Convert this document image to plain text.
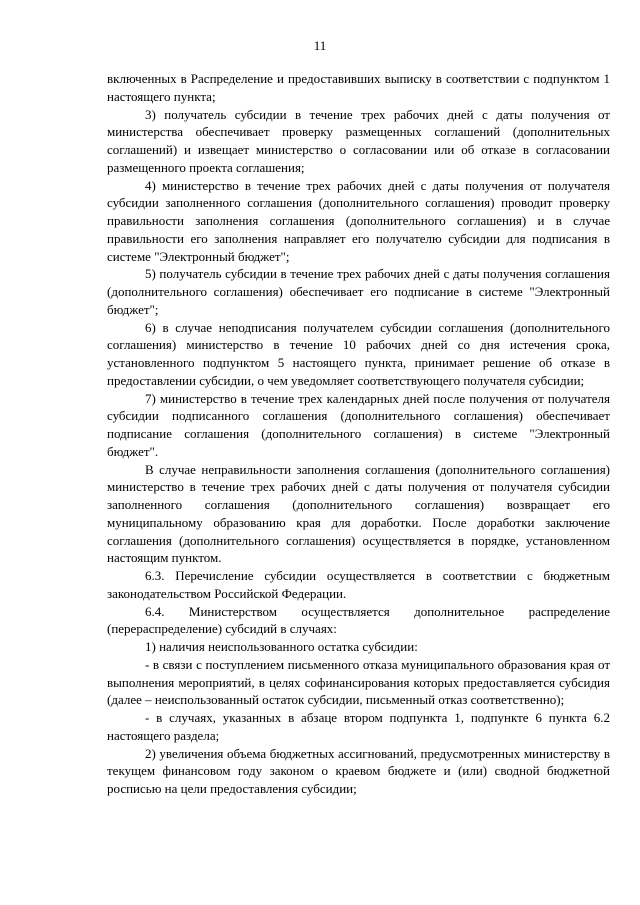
11

включенных в Распределение и предоставивших выписку в соответствии с подпунктом 1 настоящего пункта;

3) получатель субсидии в течение трех рабочих дней с даты получения от министерства обеспечивает проверку размещенных соглашений (дополнительных соглашений) и извещает министерство о согласовании или об отказе в согласовании размещенного проекта соглашения;

4) министерство в течение трех рабочих дней с даты получения от получателя субсидии заполненного соглашения (дополнительного соглашения) проводит проверку правильности заполнения соглашения (дополнительного соглашения) и в случае правильности его заполнения направляет его получателю субсидии для подписания в системе "Электронный бюджет";

5) получатель субсидии в течение трех рабочих дней с даты получения соглашения (дополнительного соглашения) обеспечивает его подписание в системе "Электронный бюджет";

6) в случае неподписания получателем субсидии соглашения (дополнительного соглашения) министерство в течение 10 рабочих дней со дня истечения срока, установленного подпунктом 5 настоящего пункта, принимает решение об отказе в предоставлении субсидии, о чем уведомляет соответствующего получателя субсидии;

7) министерство в течение трех календарных дней после получения от получателя субсидии подписанного соглашения (дополнительного соглашения) обеспечивает подписание соглашения (дополнительного соглашения) в системе "Электронный бюджет".

В случае неправильности заполнения соглашения (дополнительного соглашения) министерство в течение трех рабочих дней с даты получения от получателя субсидии заполненного соглашения (дополнительного соглашения) возвращает его муниципальному образованию края для доработки. После доработки заключение соглашения (дополнительного соглашения) осуществляется в порядке, установленном настоящим пунктом.

6.3. Перечисление субсидии осуществляется в соответствии с бюджетным законодательством Российской Федерации.

6.4. Министерством осуществляется дополнительное распределение (перераспределение) субсидий в случаях:

1) наличия неиспользованного остатка субсидии:

- в связи с поступлением письменного отказа муниципального образования края от выполнения мероприятий, в целях софинансирования которых предоставляется субсидия (далее – неиспользованный остаток субсидии, письменный отказ соответственно);

- в случаях, указанных в абзаце втором подпункта 1, подпункте 6 пункта 6.2 настоящего раздела;

2) увеличения объема бюджетных ассигнований, предусмотренных министерству в текущем финансовом году законом о краевом бюджете и (или) сводной бюджетной росписью на цели предоставления субсидии;
